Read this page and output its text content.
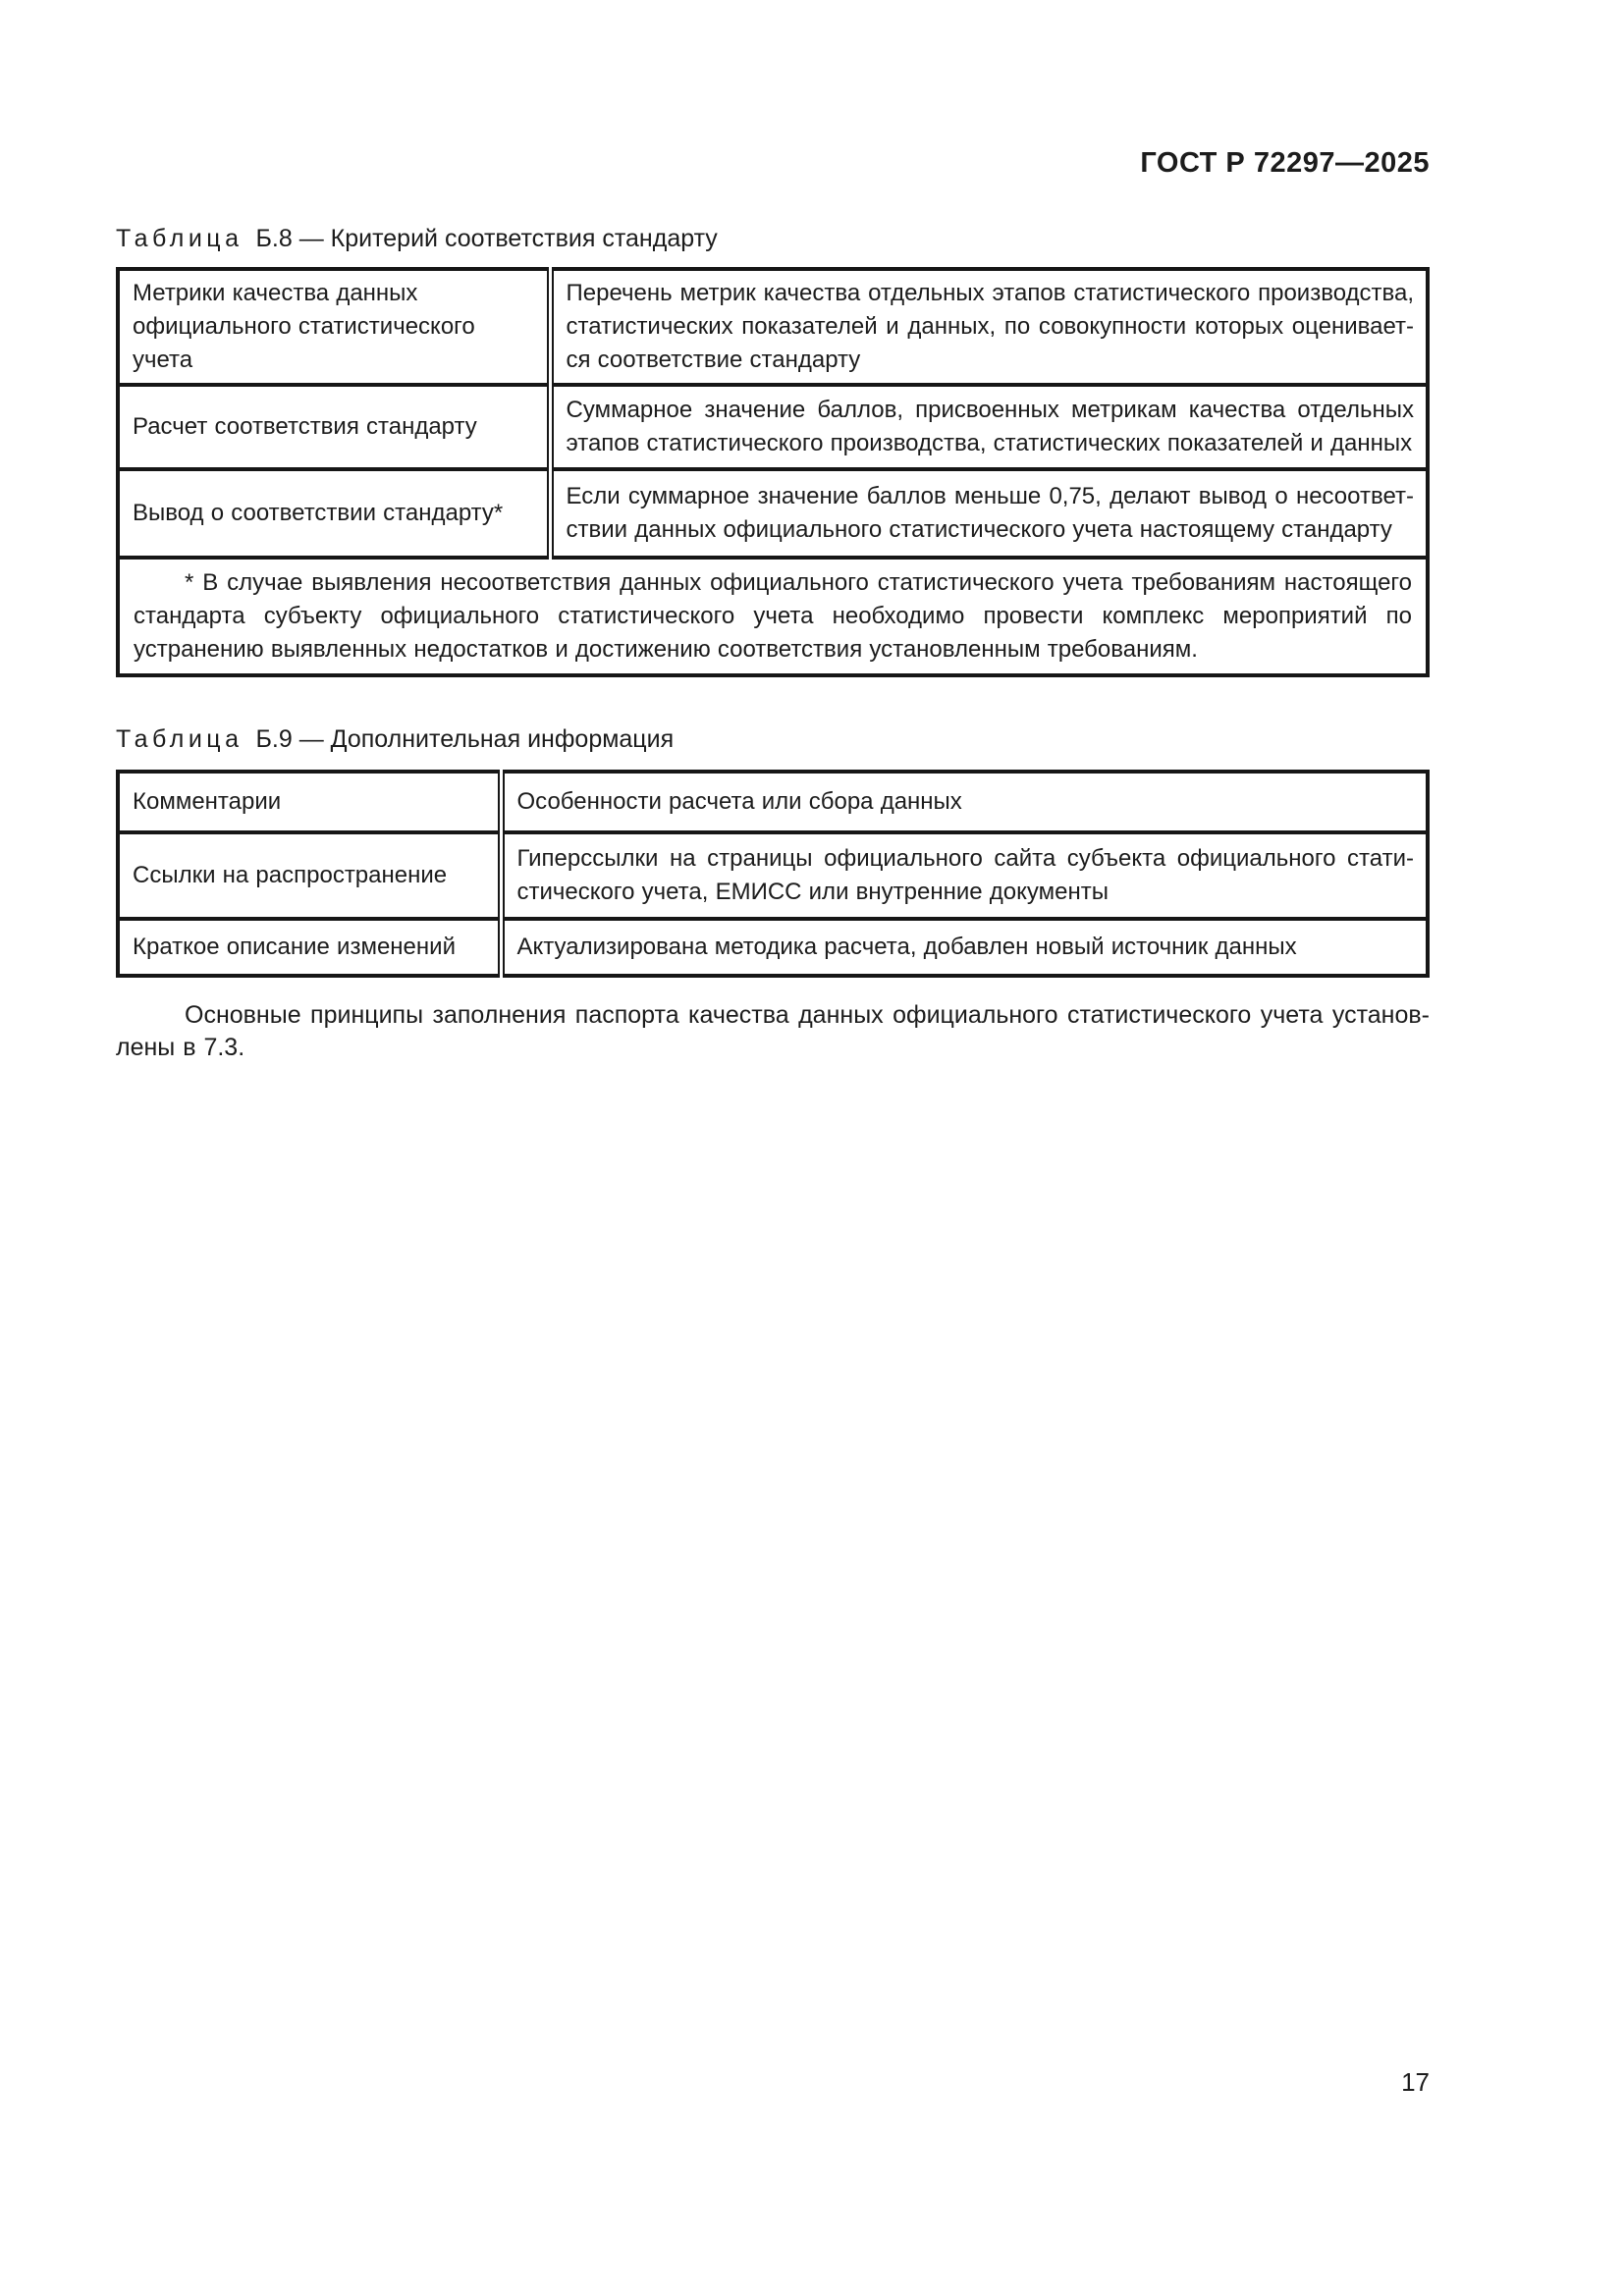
ГОСТ Р 72297—2025

Таблица Б.8 — Критерий соответствия стандарту

Метрики качества данных официального статистического учета	Перечень метрик качества отдельных этапов статистического производства, статистических показателей и данных, по совокупности которых оценивается соответствие стандарту
Расчет соответствия стандарту	Суммарное значение баллов, присвоенных метрикам качества отдельных этапов статистического производства, статистических показателей и данных
Вывод о соответствии стандарту*	Если суммарное значение баллов меньше 0,75, делают вывод о несоответствии данных официального статистического учета настоящему стандарту
* В случае выявления несоответствия данных официального статистического учета требованиям настоящего стандарта субъекту официального статистического учета необходимо провести комплекс мероприятий по устранению выявленных недостатков и достижению соответствия установленным требованиям.	

Таблица Б.9 — Дополнительная информация

Комментарии	Особенности расчета или сбора данных
Ссылки на распространение	Гиперссылки на страницы официального сайта субъекта официального статистического учета, ЕМИСС или внутренние документы
Краткое описание изменений	Актуализирована методика расчета, добавлен новый источник данных

Основные принципы заполнения паспорта качества данных официального статистического учета установлены в 7.3.

17
